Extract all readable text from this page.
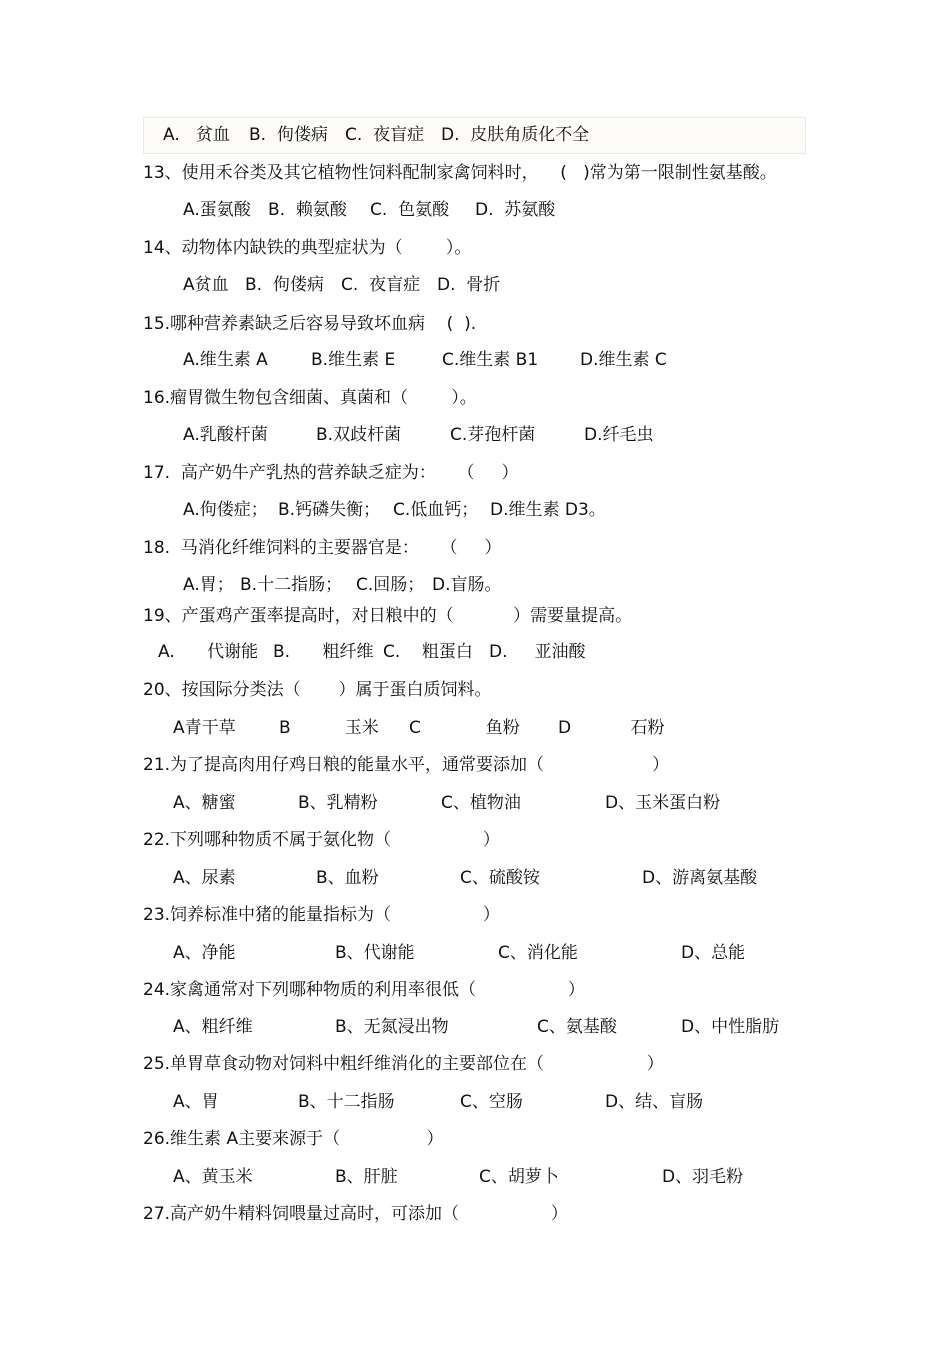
A.   贫血 B.  佝偻病 C.  夜盲症 D.  皮肤角质化不全
13、使用禾谷类及其它植物性饲料配制家禽饲料时，    (   )常为第一限制性氨基酸。
A.蛋氨酸 B.  赖氨酸 C.  色氨酸 D.  苏氨酸
14、动物体内缺铁的典型症状为（        ）。
A贫血 B.  佝偻病 C.  夜盲症 D.  骨折
15.哪种营养素缺乏后容易导致坏血病    (  ).
A.维生素 A	B.维生素 E	C.维生素 B1 D.维生素 C
16.瘤胃微生物包含细菌、真菌和（        ）。
A.乳酸杆菌	B.双歧杆菌	C.芽孢杆菌	D.纤毛虫
17.  高产奶牛产乳热的营养缺乏症为：    （     ）
A.佝偻症； B.钙磷失衡； C.低血钙； D.维生素 D3。
18.  马消化纤维饲料的主要器官是：    （     ）
A.胃； B.十二指肠； C.回肠； D.盲肠。
19、产蛋鸡产蛋率提高时，对日粮中的（           ）需要量提高。
A.      代谢能 B.      粗纤维 C.    粗蛋白 D.     亚油酸
20、按国际分类法（       ）属于蛋白质饲料。
A青干草	B          玉米 C            鱼粉 D           石粉
21.为了提高肉用仔鸡日粮的能量水平，通常要添加（                    ）
A、糖蜜	B、乳精粉	C、植物油	D、玉米蛋白粉
22.下列哪种物质不属于氨化物（                 ）
A、尿素	B、血粉	C、硫酸铵	D、游离氨基酸
23.饲养标准中猪的能量指标为（                 ）
A、净能	B、代谢能	C、消化能	D、总能
24.家禽通常对下列哪种物质的利用率很低（                 ）
A、粗纤维	B、无氮浸出物	C、氨基酸	D、中性脂肪
25.单胃草食动物对饲料中粗纤维消化的主要部位在（                   ）
A、胃	B、十二指肠	C、空肠	D、结、盲肠
26.维生素 A主要来源于（                ）
A、黄玉米	B、肝脏	C、胡萝卜	D、羽毛粉
27.高产奶牛精料饲喂量过高时，可添加（                 ）
